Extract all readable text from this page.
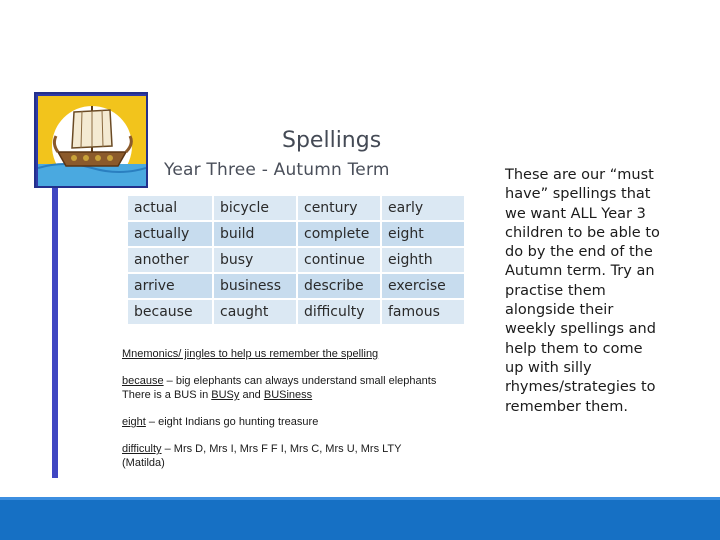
Spellings
Year Three - Autumn Term
actual	bicycle	century	early
actually	build	complete	eight
another	busy	continue	eighth
arrive	business	describe	exercise
because	caught	difficulty	famous
Mnemonics/ jingles to help us remember the spelling
because – big elephants can always understand small elephants
There is a BUS in BUSy and BUSiness
eight – eight Indians go hunting treasure
difficulty – Mrs D, Mrs I, Mrs F F I, Mrs C, Mrs U, Mrs LTY
(Matilda)
These are our “must have” spellings that we want ALL Year 3 children to be able to do by the end of the Autumn term. Try an practise them alongside their weekly spellings and help them to come up with silly rhymes/strategies to remember them.
